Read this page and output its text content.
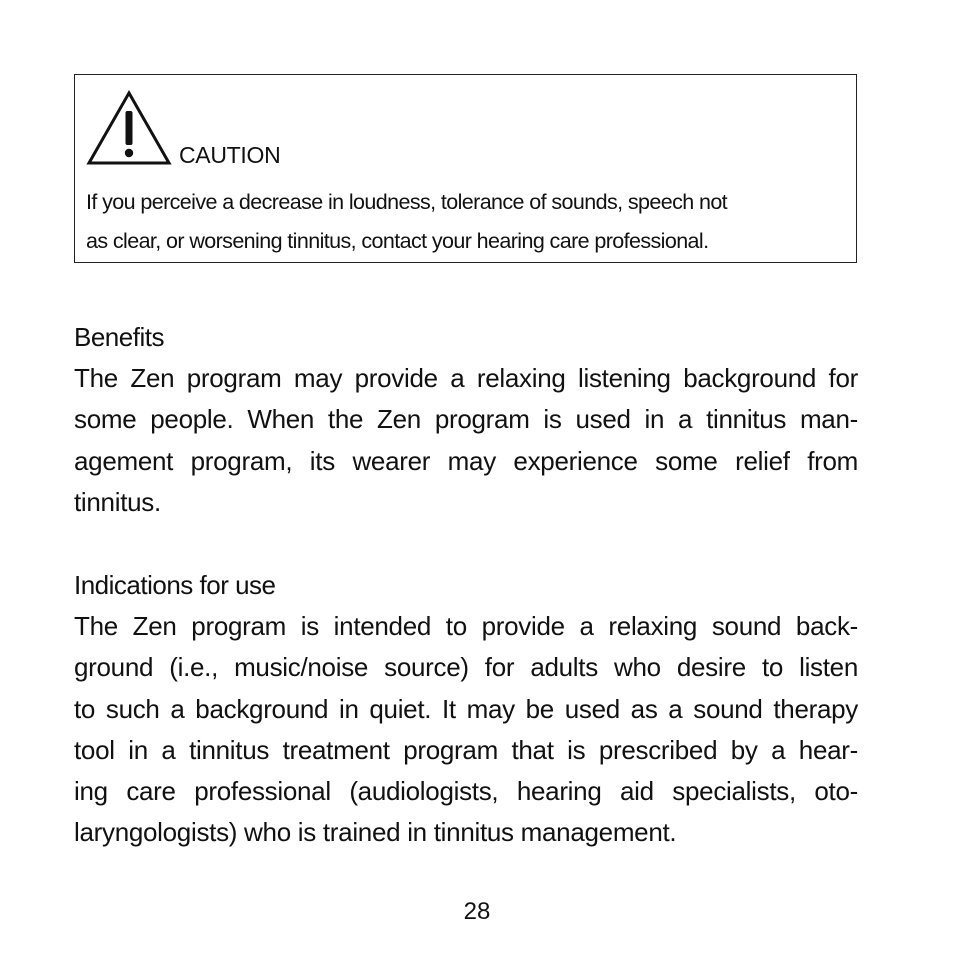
CAUTION
If you perceive a decrease in loudness, tolerance of sounds, speech not
as clear, or worsening tinnitus, contact your hearing care professional.
Benefits
The Zen program may provide a relaxing listening background for
some people. When the Zen program is used in a tinnitus man-
agement program, its wearer may experience some relief from
tinnitus.
Indications for use
The Zen program is intended to provide a relaxing sound back-
ground (i.e., music/noise source) for adults who desire to listen
to such a background in quiet. It may be used as a sound therapy
tool in a tinnitus treatment program that is prescribed by a hear-
ing care professional (audiologists, hearing aid specialists, oto-
laryngologists) who is trained in tinnitus management.
28
